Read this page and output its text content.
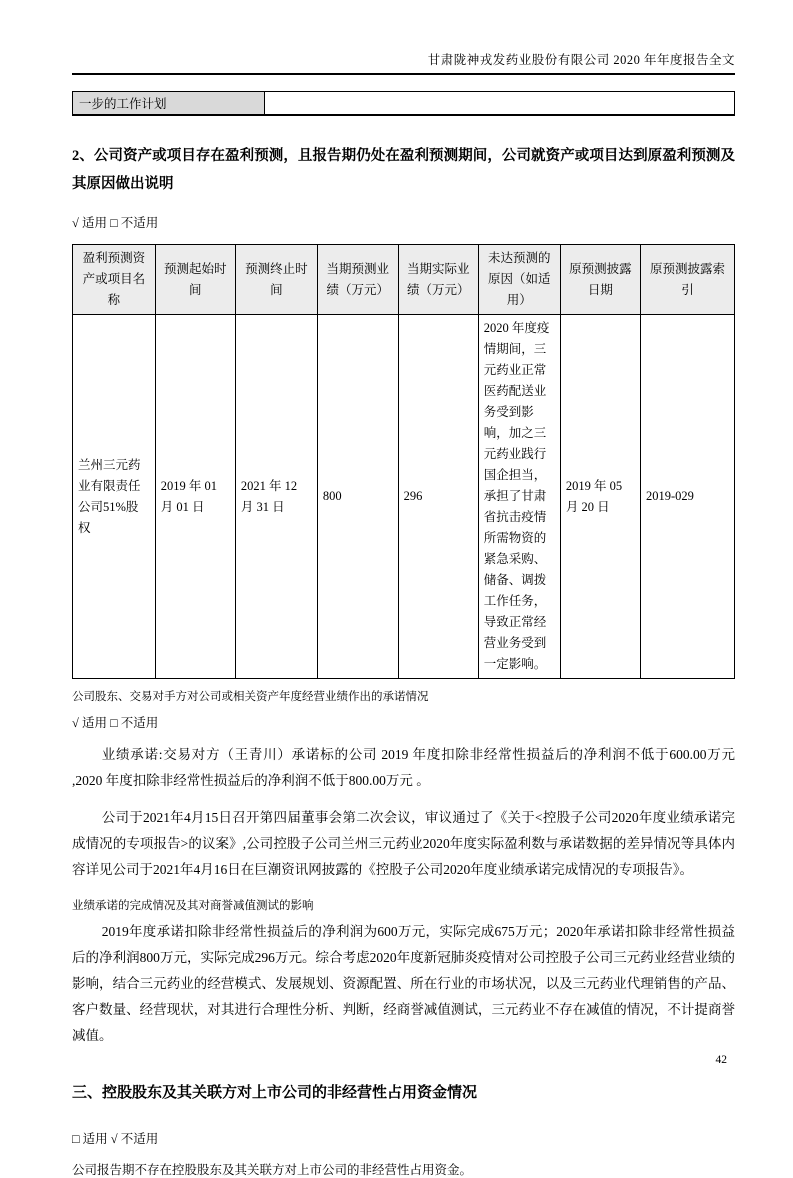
甘肃陇神戎发药业股份有限公司 2020 年年度报告全文
一步的工作计划	
2、公司资产或项目存在盈利预测，且报告期仍处在盈利预测期间，公司就资产或项目达到原盈利预测及其原因做出说明
√ 适用 □ 不适用
盈利预测资产或项目名称	预测起始时间	预测终止时间	当期预测业绩（万元）	当期实际业绩（万元）	未达预测的原因（如适用）	原预测披露日期	原预测披露索引
兰州三元药业有限责任公司51%股权	2019 年 01 月 01 日	2021 年 12 月 31 日	800	296	2020 年度疫情期间，三元药业正常医药配送业务受到影响，加之三元药业践行国企担当，承担了甘肃省抗击疫情所需物资的紧急采购、储备、调拨工作任务，导致正常经营业务受到一定影响。	2019 年 05 月 20 日	2019-029
公司股东、交易对手方对公司或相关资产年度经营业绩作出的承诺情况
√ 适用 □ 不适用

业绩承诺:交易对方（王青川）承诺标的公司 2019 年度扣除非经常性损益后的净利润不低于600.00万元 ,2020 年度扣除非经常性损益后的净利润不低于800.00万元 。

公司于2021年4月15日召开第四届董事会第二次会议，审议通过了《关于<控股子公司2020年度业绩承诺完成情况的专项报告>的议案》,公司控股子公司兰州三元药业2020年度实际盈利数与承诺数据的差异情况等具体内容详见公司于2021年4月16日在巨潮资讯网披露的《控股子公司2020年度业绩承诺完成情况的专项报告》。

业绩承诺的完成情况及其对商誉减值测试的影响

2019年度承诺扣除非经常性损益后的净利润为600万元，实际完成675万元；2020年承诺扣除非经常性损益后的净利润800万元，实际完成296万元。综合考虑2020年度新冠肺炎疫情对公司控股子公司三元药业经营业绩的影响，结合三元药业的经营模式、发展规划、资源配置、所在行业的市场状况，以及三元药业代理销售的产品、客户数量、经营现状，对其进行合理性分析、判断，经商誉减值测试，三元药业不存在减值的情况，不计提商誉减值。

三、控股股东及其关联方对上市公司的非经营性占用资金情况
□ 适用 √ 不适用
公司报告期不存在控股股东及其关联方对上市公司的非经营性占用资金。
42
